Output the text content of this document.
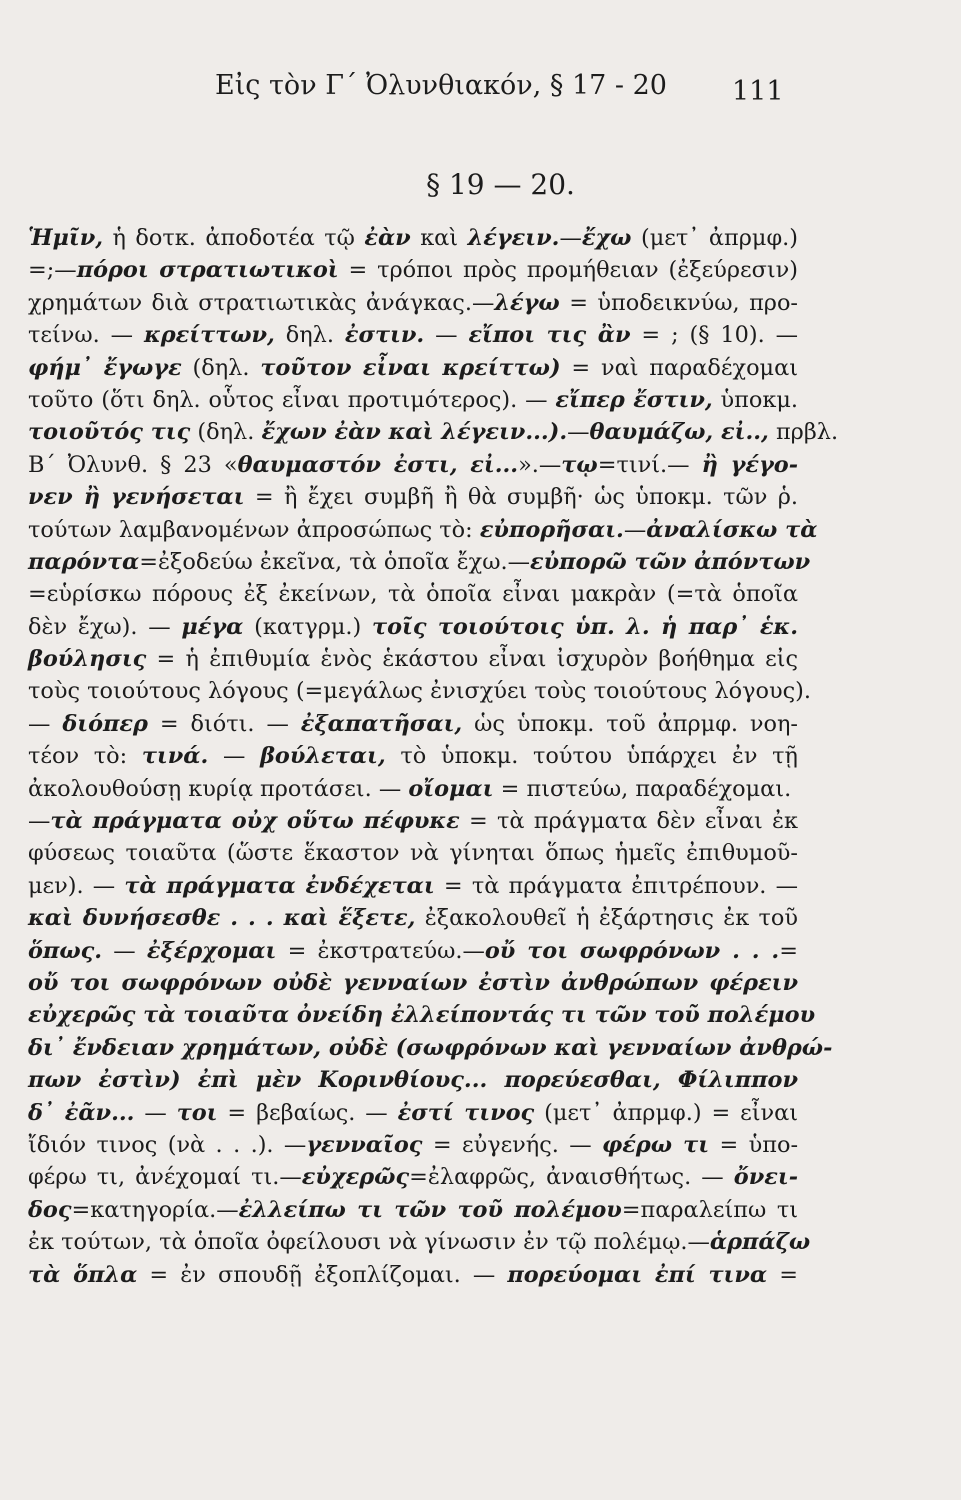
Εἰς τὸν Γ΄ Ὀλυνθιακόν, § 17 - 20 111
§ 19 — 20.
Ἡμῖν, ἡ δοτκ. ἀποδοτέα τῷ ἐὰν καὶ λέγειν.—ἔχω (μετ᾽ ἀπρμφ.)
=;—πόροι στρατιωτικοὶ = τρόποι πρὸς προμήθειαν (ἐξεύρεσιν)
χρημάτων διὰ στρατιωτικὰς ἀνάγκας.—λέγω = ὑποδεικνύω, προ-
τείνω. — κρείττων, δηλ. ἐστιν. — εἴποι τις ἂν = ; (§ 10). —
φήμ᾽ ἔγωγε (δηλ. τοῦτον εἶναι κρείττω) = ναὶ παραδέχομαι
τοῦτο (ὅτι δηλ. οὗτος εἶναι προτιμότερος). — εἴπερ ἔστιν, ὑποκμ.
τοιοῦτός τις (δηλ. ἔχων ἐὰν καὶ λέγειν...).—θαυμάζω, εἰ.., πρβλ.
Β΄ Ὀλυνθ. § 23 «θαυμαστόν ἐστι, εἰ...».—τῳ=τινί.— ἢ γέγο-
νεν ἢ γενήσεται = ἢ ἔχει συμβῆ ἢ θὰ συμβῆ· ὡς ὑποκμ. τῶν ῥ.
τούτων λαμβανομένων ἀπροσώπως τὸ: εὐπορῆσαι.—ἀναλίσκω τὰ
παρόντα=ἐξοδεύω ἐκεῖνα, τὰ ὁποῖα ἔχω.—εὐπορῶ τῶν ἀπόντων
=εὑρίσκω πόρους ἐξ ἐκείνων, τὰ ὁποῖα εἶναι μακρὰν (=τὰ ὁποῖα
δὲν ἔχω). — μέγα (κατγρμ.) τοῖς τοιούτοις ὑπ. λ. ἡ παρ᾽ ἑκ.
βούλησις = ἡ ἐπιθυμία ἑνὸς ἑκάστου εἶναι ἰσχυρὸν βοήθημα εἰς
τοὺς τοιούτους λόγους (=μεγάλως ἐνισχύει τοὺς τοιούτους λόγους).
— διόπερ = διότι. — ἐξαπατῆσαι, ὡς ὑποκμ. τοῦ ἀπρμφ. νοη-
τέον τὸ: τινά. — βούλεται, τὸ ὑποκμ. τούτου ὑπάρχει ἐν τῇ
ἀκολουθούσῃ κυρίᾳ προτάσει. — οἴομαι = πιστεύω, παραδέχομαι.
—τὰ πράγματα οὐχ οὕτω πέφυκε = τὰ πράγματα δὲν εἶναι ἐκ
φύσεως τοιαῦτα (ὥστε ἕκαστον νὰ γίνηται ὅπως ἡμεῖς ἐπιθυμοῦ-
μεν). — τὰ πράγματα ἐνδέχεται = τὰ πράγματα ἐπιτρέπουν. —
καὶ δυνήσεσθε . . . καὶ ἕξετε, ἐξακολουθεῖ ἡ ἐξάρτησις ἐκ τοῦ
ὅπως. — ἐξέρχομαι = ἐκστρατεύω.—οὔ τοι σωφρόνων . . .=
οὔ τοι σωφρόνων οὐδὲ γενναίων ἐστὶν ἀνθρώπων φέρειν
εὐχερῶς τὰ τοιαῦτα ὀνείδη ἐλλείποντάς τι τῶν τοῦ πολέμου
δι᾽ ἔνδειαν χρημάτων, οὐδὲ (σωφρόνων καὶ γενναίων ἀνθρώ-
πων ἐστὶν) ἐπὶ μὲν Κορινθίους... πορεύεσθαι, Φίλιππον
δ᾽ ἐᾶν... — τοι = βεβαίως. — ἐστί τινος (μετ᾽ ἀπρμφ.) = εἶναι
ἴδιόν τινος (νὰ . . .). —γενναῖος = εὐγενής. — φέρω τι = ὑπο-
φέρω τι, ἀνέχομαί τι.—εὐχερῶς=ἐλαφρῶς, ἀναισθήτως. — ὄνει-
δος=κατηγορία.—ἐλλείπω τι τῶν τοῦ πολέμου=παραλείπω τι
ἐκ τούτων, τὰ ὁποῖα ὀφείλουσι νὰ γίνωσιν ἐν τῷ πολέμῳ.—ἁρπάζω
τὰ ὅπλα = ἐν σπουδῇ ἐξοπλίζομαι. — πορεύομαι ἐπί τινα =
